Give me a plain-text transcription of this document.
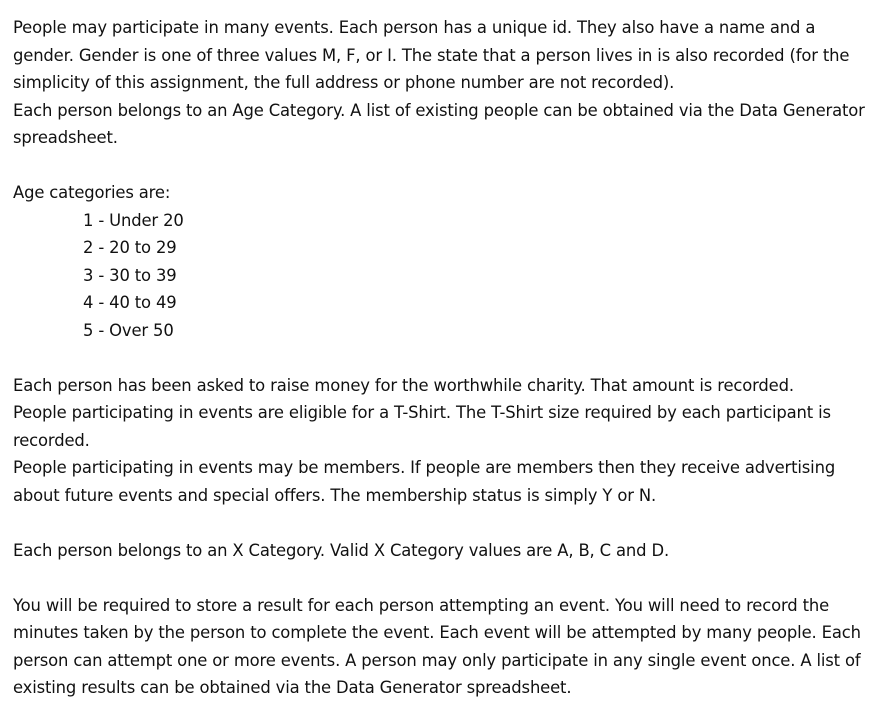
People may participate in many events. Each person has a unique id. They also have a name and a gender. Gender is one of three values M, F, or I. The state that a person lives in is also recorded (for the simplicity of this assignment, the full address or phone number are not recorded).

Each person belongs to an Age Category. A list of existing people can be obtained via the Data Generator spreadsheet.

Age categories are:

1 - Under 20
2 - 20 to 29
3 - 30 to 39
4 - 40 to 49
5 - Over 50

Each person has been asked to raise money for the worthwhile charity. That amount is recorded.

People participating in events are eligible for a T-Shirt. The T-Shirt size required by each participant is recorded.

People participating in events may be members. If people are members then they receive advertising about future events and special offers. The membership status is simply Y or N.

Each person belongs to an X Category. Valid X Category values are A, B, C and D.

You will be required to store a result for each person attempting an event. You will need to record the minutes taken by the person to complete the event. Each event will be attempted by many people. Each person can attempt one or more events. A person may only participate in any single event once. A list of existing results can be obtained via the Data Generator spreadsheet.
